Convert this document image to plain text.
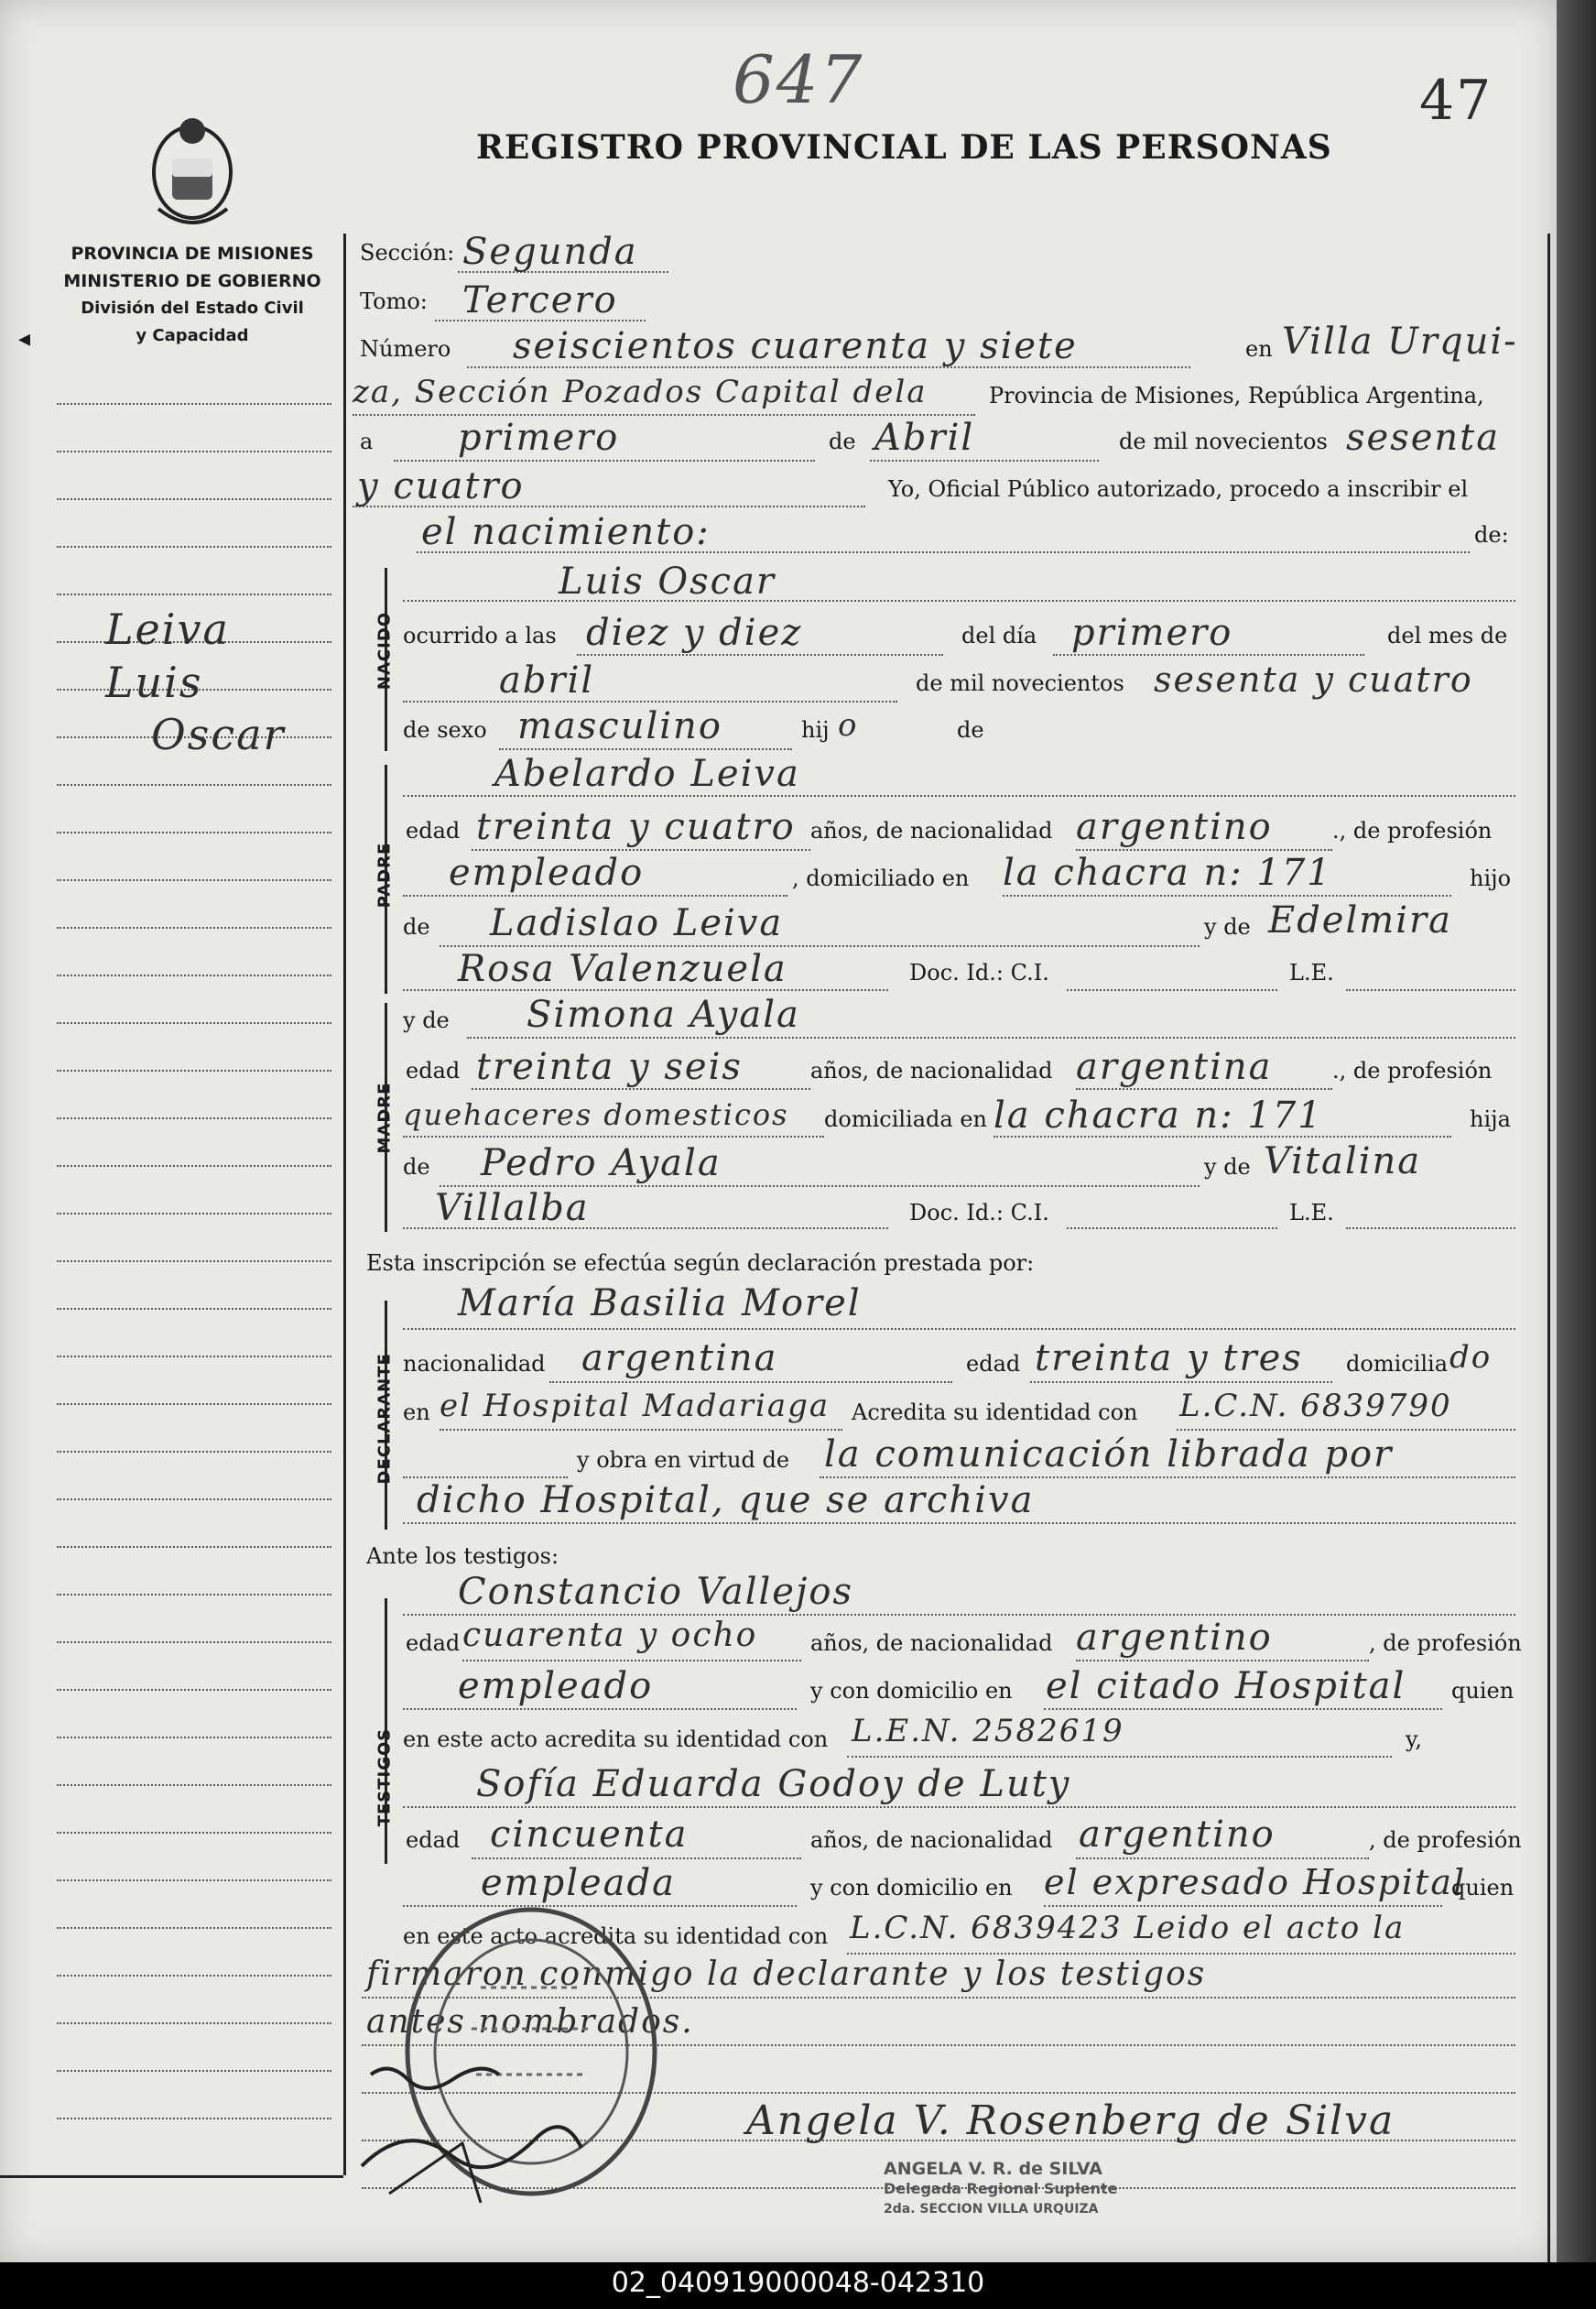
647	47
REGISTRO PROVINCIAL DE LAS PERSONAS
PROVINCIA DE MISIONES
MINISTERIO DE GOBIERNO
División del Estado Civil
y Capacidad
◂
Leiva
Luis
Oscar
NACIDO
PADRE
MADRE
DECLARANTE
TESTIGOS
Sección: Segunda
Tomo: Tercero
Número seiscientos cuarenta y siete	en Villa Urqui-
za, Sección Pozados Capital dela	Provincia de Misiones, República Argentina,
a primero	de Abril	de mil novecientos sesenta
y cuatro	Yo, Oficial Público autorizado, procedo a inscribir el
el nacimiento:	de:
Luis Oscar
ocurrido a las diez y diez	del día primero	del mes de
abril	de mil novecientos sesenta y cuatro
de sexo masculino	hij o	de
Abelardo Leiva
edad treinta y cuatro años, de nacionalidad argentino	., de profesión
empleado	, domiciliado en la chacra n: 171	hijo
de Ladislao Leiva	y de Edelmira
Rosa Valenzuela	Doc. Id.: C.I.	L.E.
y de Simona Ayala
edad treinta y seis	años, de nacionalidad argentina	., de profesión
quehaceres domesticos domiciliada en la chacra n: 171	hija
de Pedro Ayala	y de Vitalina
Villalba	Doc. Id.: C.I.	L.E.
Esta inscripción se efectúa según declaración prestada por:
María Basilia Morel
nacionalidad argentina	edad treinta y tres domicilia do
en el Hospital Madariaga Acredita su identidad con L.C.N. 6839790
y obra en virtud de la comunicación librada por
dicho Hospital, que se archiva
Ante los testigos:
Constancio Vallejos
edad cuarenta y ocho años, de nacionalidad argentino	, de profesión
empleado	y con domicilio en el citado Hospital quien
en este acto acredita su identidad con L.E.N. 2582619	y,
Sofía Eduarda Godoy de Luty
edad cincuenta	años, de nacionalidad argentino	, de profesión
empleada	y con domicilio en el expresado Hospital
quien
en este acto acredita su identidad con L.C.N. 6839423 Leido el acto la
firmaron conmigo la declarante y los testigos
antes nombrados.
Angela V. Rosenberg de Silva
ANGELA V. R. de SILVA
Delegada Regional Suplente
2da. SECCION VILLA URQUIZA
02_040919000048-042310
